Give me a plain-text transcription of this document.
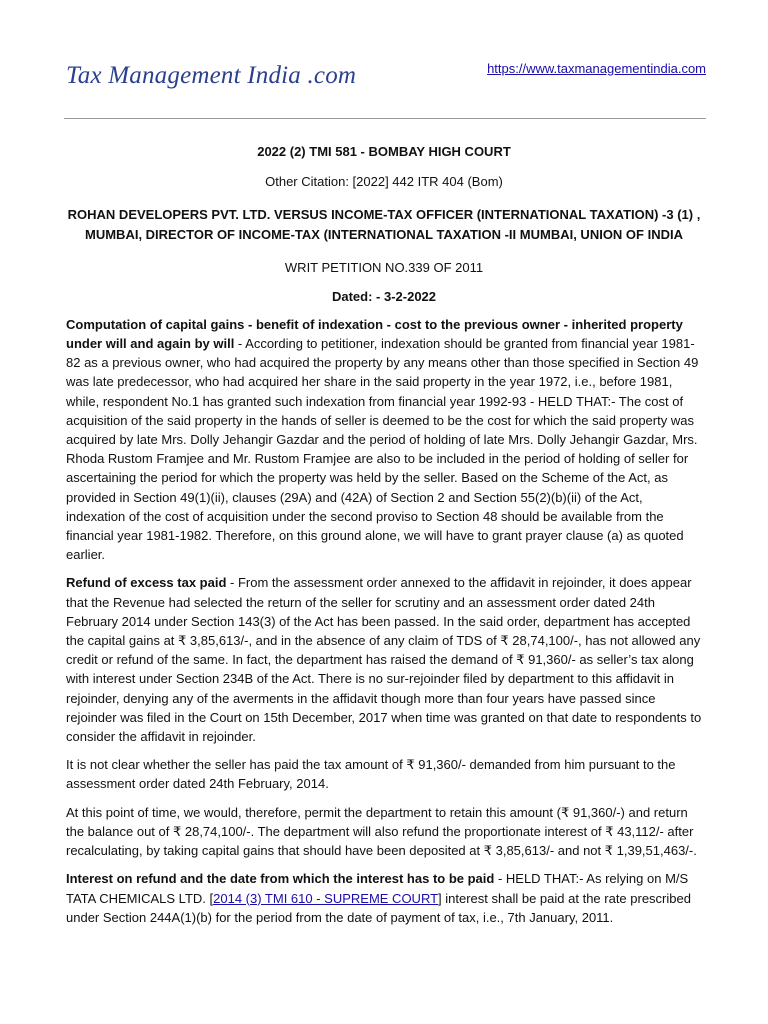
Tax Management India .com	https://www.taxmanagementindia.com

2022 (2) TMI 581 - BOMBAY HIGH COURT

Other Citation: [2022] 442 ITR 404 (Bom)

ROHAN DEVELOPERS PVT. LTD. VERSUS INCOME-TAX OFFICER (INTERNATIONAL TAXATION) -3 (1) , MUMBAI, DIRECTOR OF INCOME-TAX (INTERNATIONAL TAXATION -II MUMBAI, UNION OF INDIA

WRIT PETITION NO.339 OF 2011

Dated: - 3-2-2022

Computation of capital gains - benefit of indexation - cost to the previous owner - inherited property under will and again by will - According to petitioner, indexation should be granted from financial year 1981-82 as a previous owner, who had acquired the property by any means other than those specified in Section 49 was late predecessor, who had acquired her share in the said property in the year 1972, i.e., before 1981, while, respondent No.1 has granted such indexation from financial year 1992-93 - HELD THAT:- The cost of acquisition of the said property in the hands of seller is deemed to be the cost for which the said property was acquired by late Mrs. Dolly Jehangir Gazdar and the period of holding of late Mrs. Dolly Jehangir Gazdar, Mrs. Rhoda Rustom Framjee and Mr. Rustom Framjee are also to be included in the period of holding of seller for ascertaining the period for which the property was held by the seller. Based on the Scheme of the Act, as provided in Section 49(1)(ii), clauses (29A) and (42A) of Section 2 and Section 55(2)(b)(ii) of the Act, indexation of the cost of acquisition under the second proviso to Section 48 should be available from the financial year 1981-1982. Therefore, on this ground alone, we will have to grant prayer clause (a) as quoted earlier.

Refund of excess tax paid - From the assessment order annexed to the affidavit in rejoinder, it does appear that the Revenue had selected the return of the seller for scrutiny and an assessment order dated 24th February 2014 under Section 143(3) of the Act has been passed. In the said order, department has accepted the capital gains at ₹ 3,85,613/-, and in the absence of any claim of TDS of ₹ 28,74,100/-, has not allowed any credit or refund of the same. In fact, the department has raised the demand of ₹ 91,360/- as seller’s tax along with interest under Section 234B of the Act. There is no sur-rejoinder filed by department to this affidavit in rejoinder, denying any of the averments in the affidavit though more than four years have passed since rejoinder was filed in the Court on 15th December, 2017 when time was granted on that date to respondents to consider the affidavit in rejoinder.

It is not clear whether the seller has paid the tax amount of ₹ 91,360/- demanded from him pursuant to the assessment order dated 24th February, 2014.

At this point of time, we would, therefore, permit the department to retain this amount (₹ 91,360/-) and return the balance out of ₹ 28,74,100/-. The department will also refund the proportionate interest of ₹ 43,112/- after recalculating, by taking capital gains that should have been deposited at ₹ 3,85,613/- and not ₹ 1,39,51,463/-.

Interest on refund and the date from which the interest has to be paid - HELD THAT:- As relying on M/S TATA CHEMICALS LTD. [2014 (3) TMI 610 - SUPREME COURT] interest shall be paid at the rate prescribed under Section 244A(1)(b) for the period from the date of payment of tax, i.e., 7th January, 2011.
